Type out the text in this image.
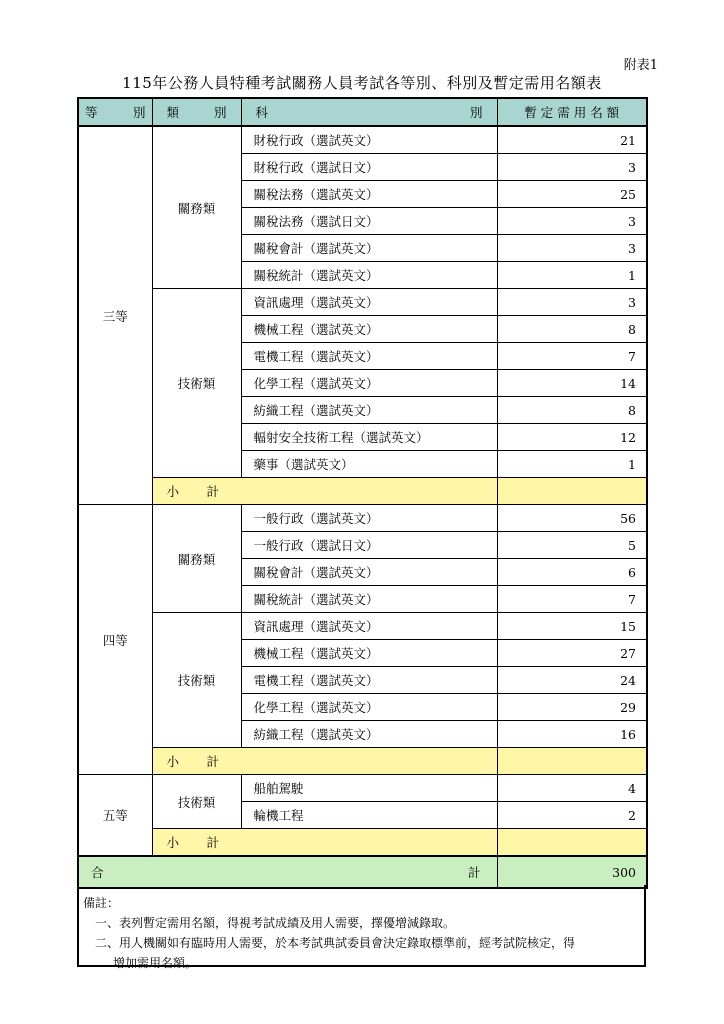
附表1
115年公務人員特種考試關務人員考試各等別、科別及暫定需用名額表
等 別	類 別	科 別	暫 定 需 用 名 額	
三等	關務類	財稅行政（選試英文）	21	
		財稅行政（選試日文）	3	
		關稅法務（選試英文）	25	
		關稅法務（選試日文）	3	
		關稅會計（選試英文）	3	
		關稅統計（選試英文）	1	
	技術類	資訊處理（選試英文）	3	
		機械工程（選試英文）	8	
		電機工程（選試英文）	7	
		化學工程（選試英文）	14	
		紡織工程（選試英文）	8	
		輻射安全技術工程（選試英文）	12	
		藥事（選試英文）	1	
	小 計		
四等	關務類	一般行政（選試英文）	56	
		一般行政（選試日文）	5	
		關稅會計（選試英文）	6	
		關稅統計（選試英文）	7	
	技術類	資訊處理（選試英文）	15	
		機械工程（選試英文）	27	
		電機工程（選試英文）	24	
		化學工程（選試英文）	29	
		紡織工程（選試英文）	16	
	小 計		
五等	技術類	船舶駕駛	4	
		輪機工程	2	
	小 計		

合 計			300	
備註：
一、表列暫定需用名額，得視考試成績及用人需要，擇優增減錄取。
二、用人機關如有臨時用人需要，於本考試典試委員會決定錄取標準前，經考試院核定，得
增加需用名額。
